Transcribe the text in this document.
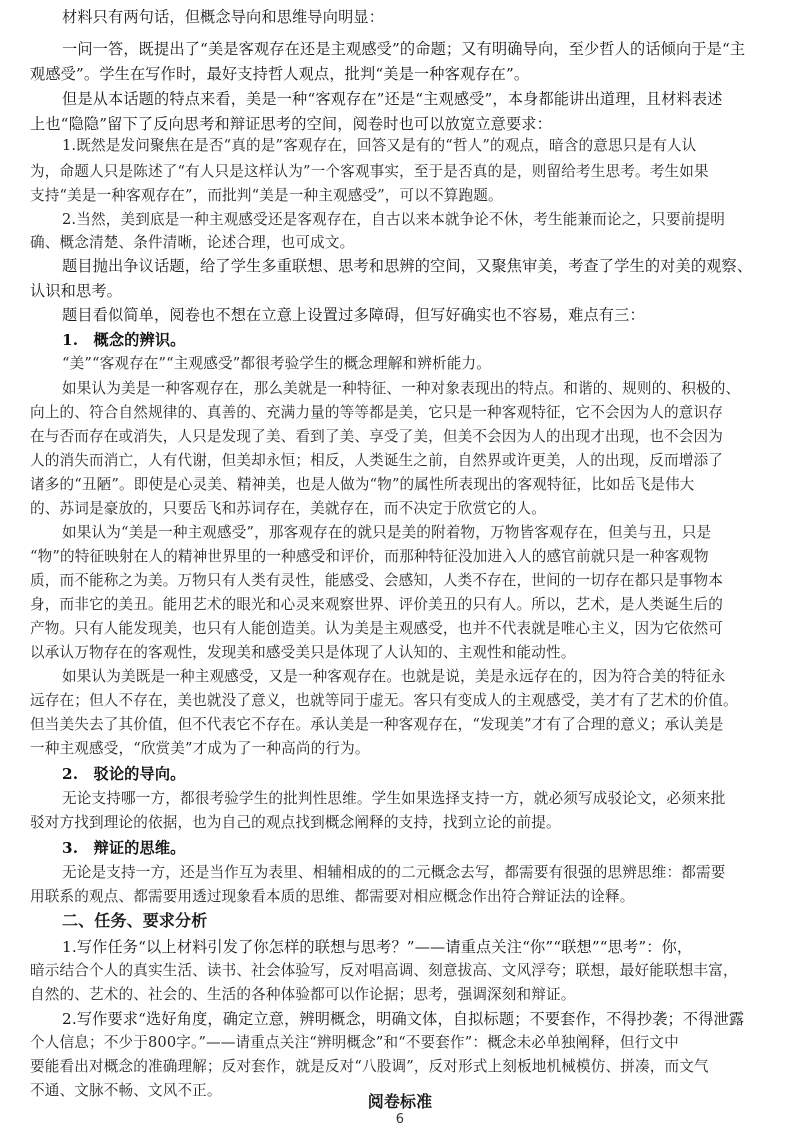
材料只有两句话，但概念导向和思维导向明显：
一问一答，既提出了“美是客观存在还是主观感受”的命题；又有明确导向，至少哲人的话倾向于是“主
观感受”。学生在写作时，最好支持哲人观点，批判“美是一种客观存在”。
但是从本话题的特点来看，美是一种“客观存在”还是“主观感受”，本身都能讲出道理，且材料表述
上也“隐隐”留下了反向思考和辩证思考的空间，阅卷时也可以放宽立意要求：
1.既然是发问聚焦在是否“真的是”客观存在，回答又是有的“哲人”的观点，暗含的意思只是有人认
为，命题人只是陈述了“有人只是这样认为”一个客观事实，至于是否真的是，则留给考生思考。考生如果
支持“美是一种客观存在”，而批判“美是一种主观感受”，可以不算跑题。
2.当然，美到底是一种主观感受还是客观存在，自古以来本就争论不休，考生能兼而论之，只要前提明
确、概念清楚、条件清晰，论述合理，也可成文。
题目抛出争议话题，给了学生多重联想、思考和思辨的空间，又聚焦审美，考查了学生的对美的观察、
认识和思考。
题目看似简单，阅卷也不想在立意上设置过多障碍，但写好确实也不容易，难点有三：
1.　概念的辨识。
“美”“客观存在”“主观感受”都很考验学生的概念理解和辨析能力。
如果认为美是一种客观存在，那么美就是一种特征、一种对象表现出的特点。和谐的、规则的、积极的、
向上的、符合自然规律的、真善的、充满力量的等等都是美，它只是一种客观特征，它不会因为人的意识存
在与否而存在或消失，人只是发现了美、看到了美、享受了美，但美不会因为人的出现才出现，也不会因为
人的消失而消亡，人有代谢，但美却永恒；相反，人类诞生之前，自然界或许更美，人的出现，反而增添了
诸多的“丑陋”。即使是心灵美、精神美，也是人做为“物”的属性所表现出的客观特征，比如岳飞是伟大
的、苏词是豪放的，只要岳飞和苏词存在，美就存在，而不决定于欣赏它的人。
如果认为“美是一种主观感受”，那客观存在的就只是美的附着物，万物皆客观存在，但美与丑，只是
“物”的特征映射在人的精神世界里的一种感受和评价，而那种特征没加进入人的感官前就只是一种客观物
质，而不能称之为美。万物只有人类有灵性，能感受、会感知，人类不存在，世间的一切存在都只是事物本
身，而非它的美丑。能用艺术的眼光和心灵来观察世界、评价美丑的只有人。所以，艺术，是人类诞生后的
产物。只有人能发现美，也只有人能创造美。认为美是主观感受，也并不代表就是唯心主义，因为它依然可
以承认万物存在的客观性，发现美和感受美只是体现了人认知的、主观性和能动性。
如果认为美既是一种主观感受，又是一种客观存在。也就是说，美是永远存在的，因为符合美的特征永
远存在；但人不存在，美也就没了意义，也就等同于虚无。客只有变成人的主观感受，美才有了艺术的价值。
但当美失去了其价值，但不代表它不存在。承认美是一种客观存在，“发现美”才有了合理的意义；承认美是
一种主观感受，“欣赏美”才成为了一种高尚的行为。
2.　驳论的导向。
无论支持哪一方，都很考验学生的批判性思维。学生如果选择支持一方，就必须写成驳论文，必须来批
驳对方找到理论的依据，也为自己的观点找到概念阐释的支持，找到立论的前提。
3.　辩证的思维。
无论是支持一方，还是当作互为表里、相辅相成的的二元概念去写，都需要有很强的思辨思维：都需要
用联系的观点、都需要用透过现象看本质的思维、都需要对相应概念作出符合辩证法的诠释。
二、任务、要求分析
1.写作任务“以上材料引发了你怎样的联想与思考？”——请重点关注“你”“联想”“思考”：你，
暗示结合个人的真实生活、读书、社会体验写，反对唱高调、刻意拔高、文风浮夸；联想，最好能联想丰富，
自然的、艺术的、社会的、生活的各种体验都可以作论据；思考，强调深刻和辩证。
2.写作要求“选好角度，确定立意，辨明概念，明确文体，自拟标题；不要套作，不得抄袭；不得泄露
个人信息；不少于800字。”——请重点关注“辨明概念”和“不要套作”：概念未必单独阐释，但行文中
要能看出对概念的准确理解；反对套作，就是反对“八股调”，反对形式上刻板地机械模仿、拼凑，而文气
不通、文脉不畅、文风不正。
阅卷标准
6
